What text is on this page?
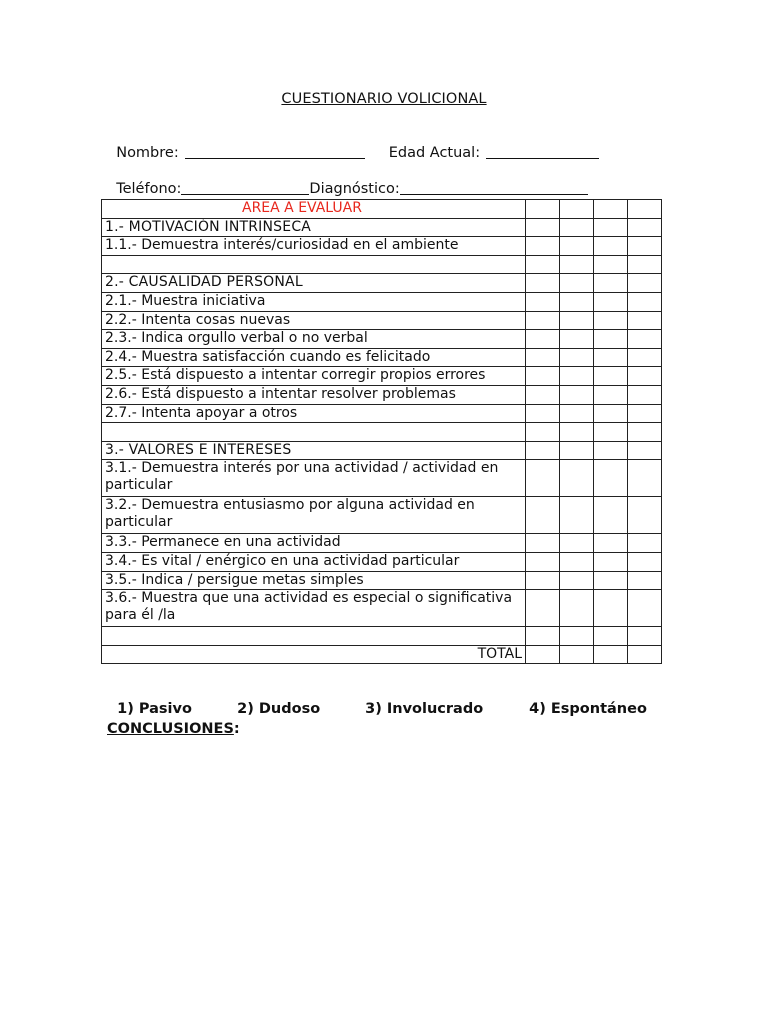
CUESTIONARIO VOLICIONAL

Nombre:	Edad Actual:

Teléfono:	Diagnóstico:

AREA A EVALUAR				
1.- MOTIVACIÓN INTRINSECA				
1.1.- Demuestra interés/curiosidad en el ambiente				

2.- CAUSALIDAD PERSONAL				
2.1.- Muestra iniciativa				
2.2.- Intenta cosas nuevas				
2.3.- Indica orgullo verbal o no verbal				
2.4.- Muestra satisfacción cuando es felicitado				
2.5.- Está dispuesto a intentar corregir propios errores				
2.6.- Está dispuesto a intentar resolver problemas				
2.7.- Intenta apoyar a otros				

3.- VALORES E INTERESES				
3.1.- Demuestra interés por una actividad / actividad en particular				
3.2.- Demuestra entusiasmo por alguna actividad en particular				
3.3.- Permanece en una actividad				
3.4.- Es vital / enérgico en una actividad particular				
3.5.- Indica / persigue metas simples				
3.6.- Muestra que una actividad es especial o significativa para él /la				

TOTAL				

1) Pasivo	2) Dudoso	3) Involucrado	4) Espontáneo

CONCLUSIONES:
